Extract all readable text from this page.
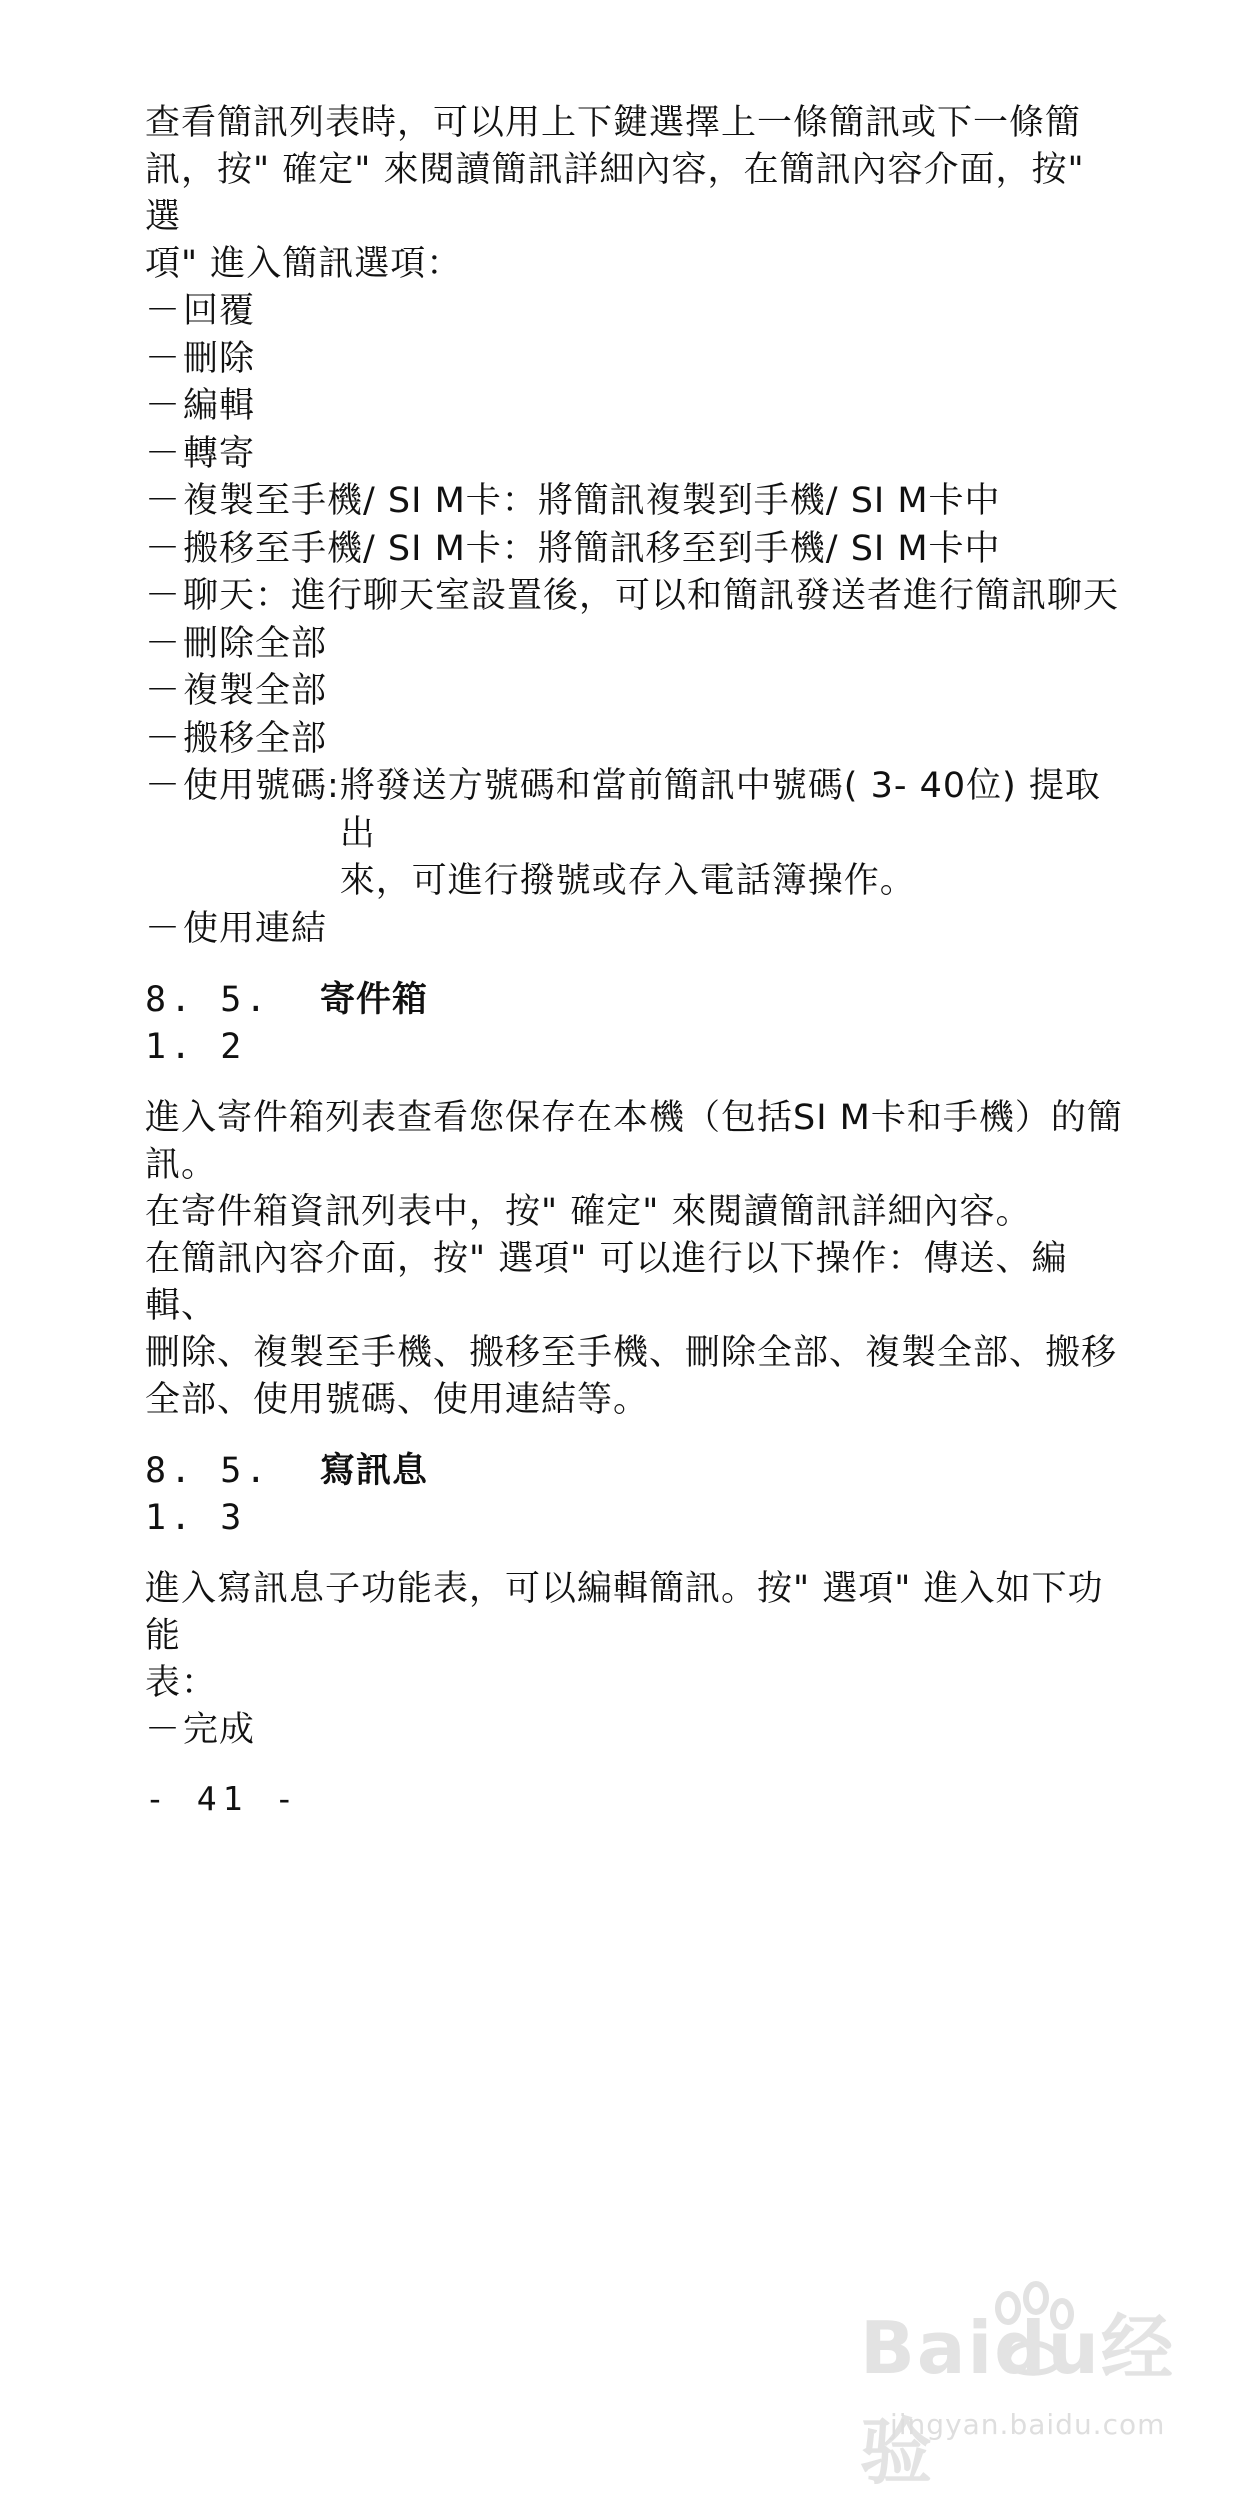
查看簡訊列表時，可以用上下鍵選擇上一條簡訊或下一條簡

訊，按" 確定" 來閱讀簡訊詳細內容，在簡訊內容介面，按" 選

項" 進入簡訊選項：

－ 回覆
－ 刪除
－ 編輯
－ 轉寄
－ 複製至手機/ SI M卡：將簡訊複製到手機/ SI M卡中
－ 搬移至手機/ SI M卡：將簡訊移至到手機/ SI M卡中
－ 聊天：進行聊天室設置後，可以和簡訊發送者進行簡訊聊天
－ 刪除全部
－ 複製全部
－ 搬移全部
－ 使用號碼: 將發送方號碼和當前簡訊中號碼( 3- 40位) 提取出
來，可進行撥號或存入電話簿操作。
－ 使用連結
8. 5. 1. 2
寄件箱

進入寄件箱列表查看您保存在本機（包括SI M卡和手機）的簡

訊。

在寄件箱資訊列表中，按" 確定" 來閱讀簡訊詳細內容。

在簡訊內容介面，按" 選項" 可以進行以下操作：傳送、編輯、

刪除、複製至手機、搬移至手機、刪除全部、複製全部、搬移

全部、使用號碼、使用連結等。

8. 5. 1. 3
寫訊息

進入寫訊息子功能表，可以編輯簡訊。按" 選項" 進入如下功能

表：

－ 完成
- 41 -
Baidu经验
jingyan.baidu.com
